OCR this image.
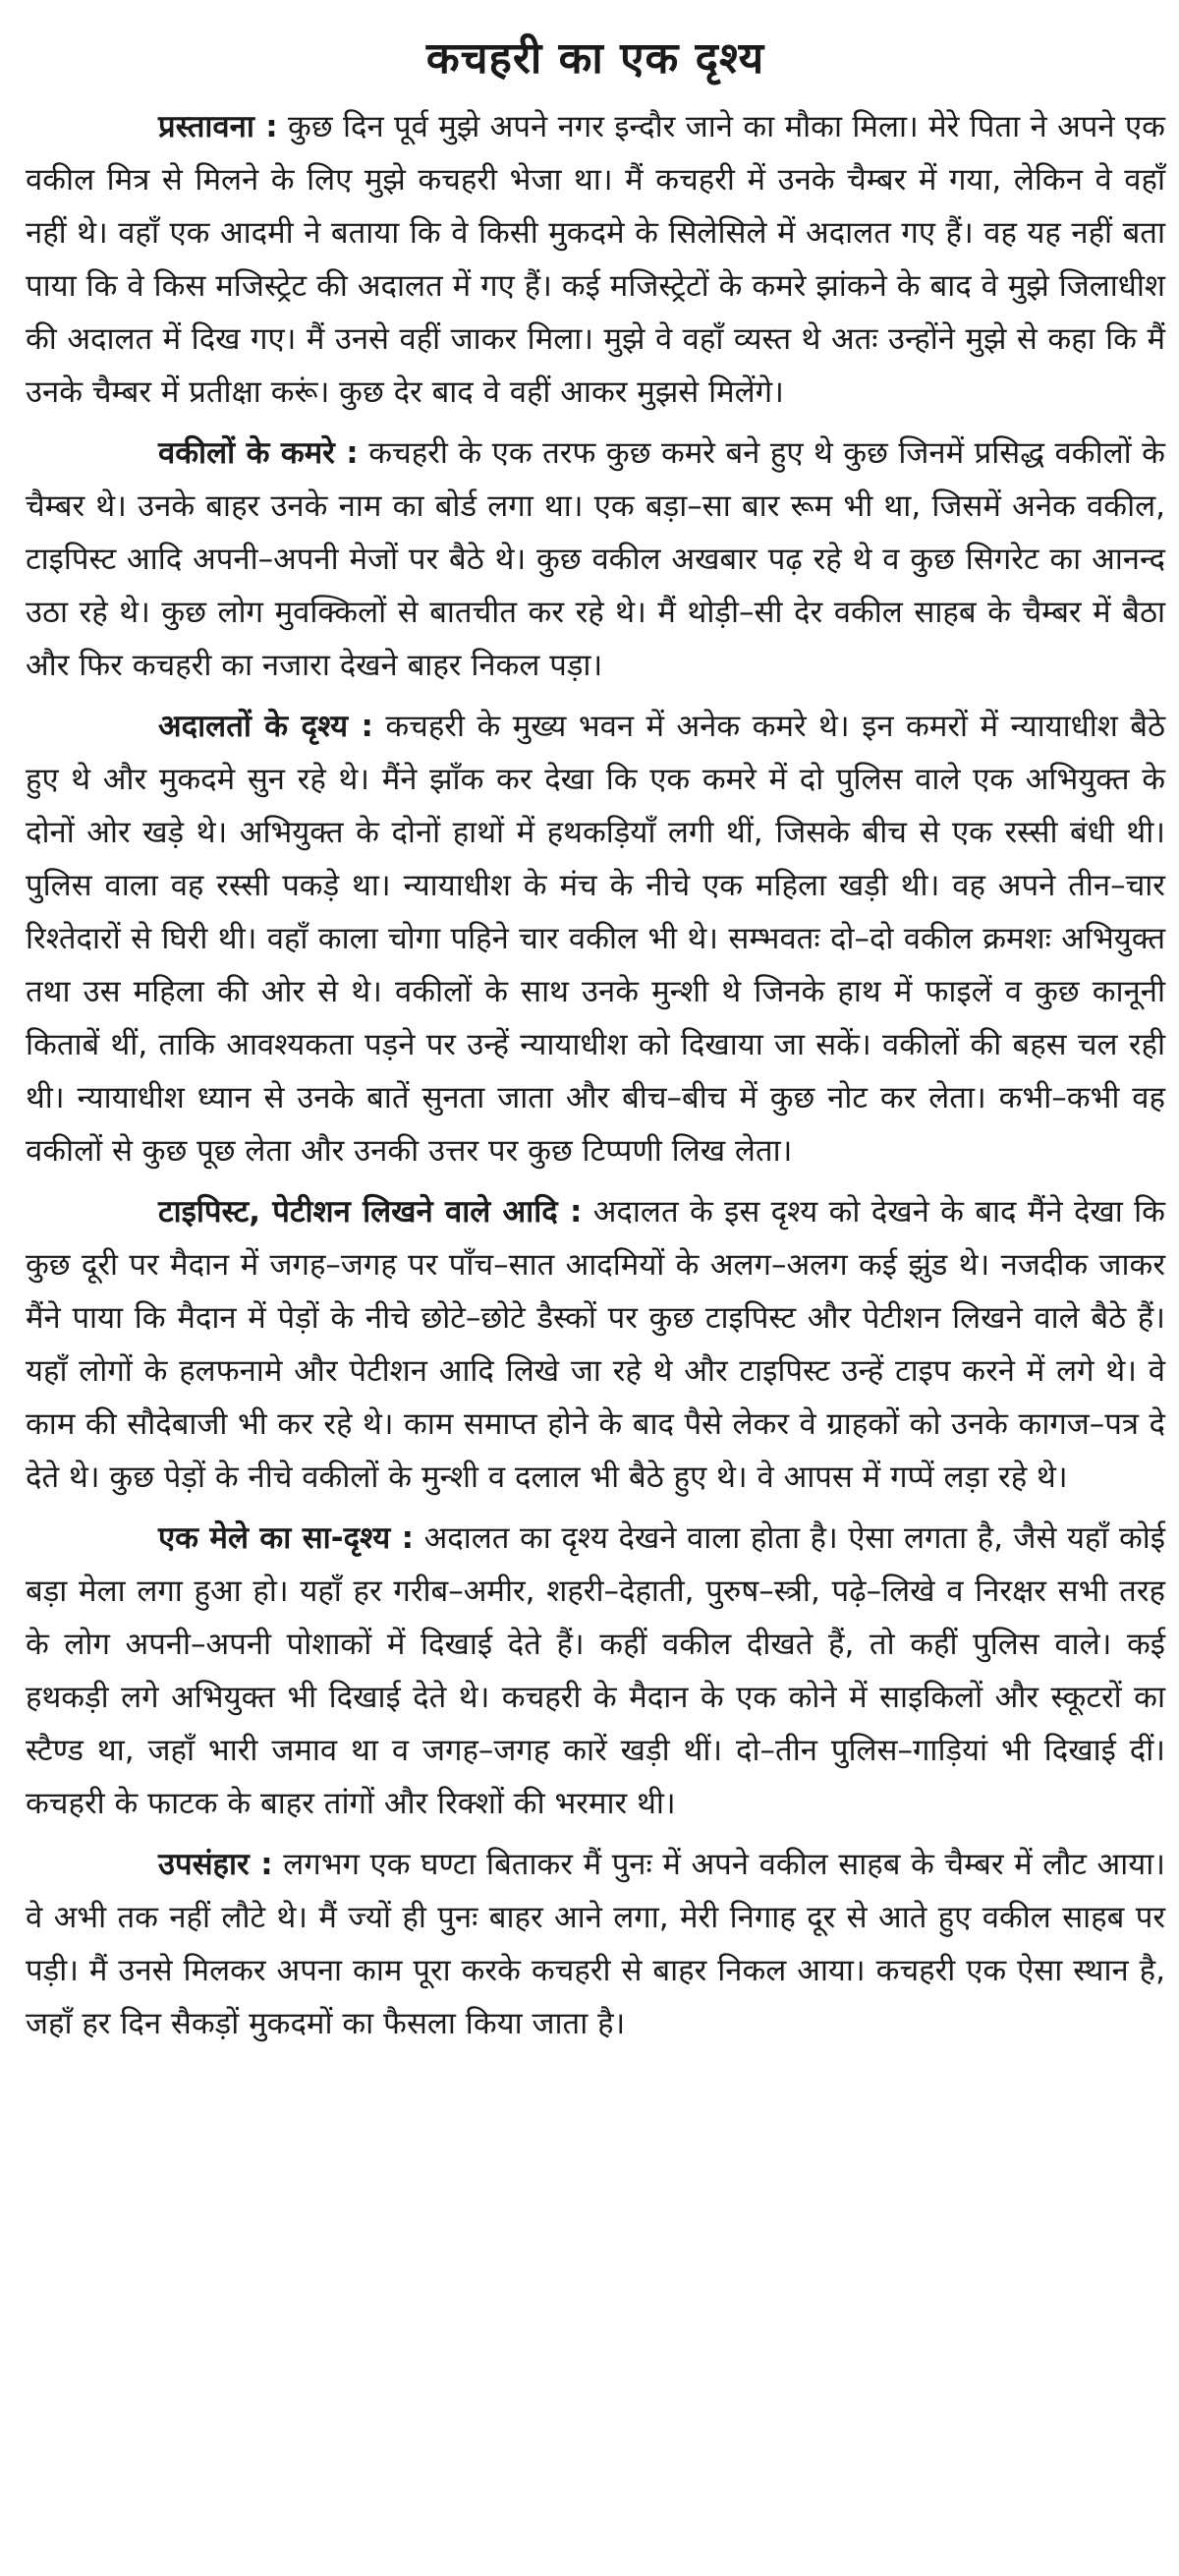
कचहरी का एक दृश्य

प्रस्तावना : कुछ दिन पूर्व मुझे अपने नगर इन्दौर जाने का मौका मिला। मेरे पिता ने अपने एक वकील मित्र से मिलने के लिए मुझे कचहरी भेजा था। मैं कचहरी में उनके चैम्बर में गया, लेकिन वे वहाँ नहीं थे। वहाँ एक आदमी ने बताया कि वे किसी मुकदमे के सिलेसिले में अदालत गए हैं। वह यह नहीं बता पाया कि वे किस मजिस्ट्रेट की अदालत में गए हैं। कई मजिस्ट्रेटों के कमरे झांकने के बाद वे मुझे जिलाधीश की अदालत में दिख गए। मैं उनसे वहीं जाकर मिला। मुझे वे वहाँ व्यस्त थे अतः उन्होंने मुझे से कहा कि मैं उनके चैम्बर में प्रतीक्षा करूं। कुछ देर बाद वे वहीं आकर मुझसे मिलेंगे।

वकीलों के कमरे : कचहरी के एक तरफ कुछ कमरे बने हुए थे कुछ जिनमें प्रसिद्ध वकीलों के चैम्बर थे। उनके बाहर उनके नाम का बोर्ड लगा था। एक बड़ा–सा बार रूम भी था, जिसमें अनेक वकील, टाइपिस्ट आदि अपनी–अपनी मेजों पर बैठे थे। कुछ वकील अखबार पढ़ रहे थे व कुछ सिगरेट का आनन्द उठा रहे थे। कुछ लोग मुवक्किलों से बातचीत कर रहे थे। मैं थोड़ी–सी देर वकील साहब के चैम्बर में बैठा और फिर कचहरी का नजारा देखने बाहर निकल पड़ा।

अदालतों के दृश्य : कचहरी के मुख्य भवन में अनेक कमरे थे। इन कमरों में न्यायाधीश बैठे हुए थे और मुकदमे सुन रहे थे। मैंने झाँक कर देखा कि एक कमरे में दो पुलिस वाले एक अभियुक्त के दोनों ओर खड़े थे। अभियुक्त के दोनों हाथों में हथकड़ियाँ लगी थीं, जिसके बीच से एक रस्सी बंधी थी। पुलिस वाला वह रस्सी पकड़े था। न्यायाधीश के मंच के नीचे एक महिला खड़ी थी। वह अपने तीन–चार रिश्तेदारों से घिरी थी। वहाँ काला चोगा पहिने चार वकील भी थे। सम्भवतः दो–दो वकील क्रमशः अभियुक्त तथा उस महिला की ओर से थे। वकीलों के साथ उनके मुन्शी थे जिनके हाथ में फाइलें व कुछ कानूनी किताबें थीं, ताकि आवश्यकता पड़ने पर उन्हें न्यायाधीश को दिखाया जा सकें। वकीलों की बहस चल रही थी। न्यायाधीश ध्यान से उनके बातें सुनता जाता और बीच–बीच में कुछ नोट कर लेता। कभी–कभी वह वकीलों से कुछ पूछ लेता और उनकी उत्तर पर कुछ टिप्पणी लिख लेता।

टाइपिस्ट, पेटीशन लिखने वाले आदि : अदालत के इस दृश्य को देखने के बाद मैंने देखा कि कुछ दूरी पर मैदान में जगह–जगह पर पाँच–सात आदमियों के अलग–अलग कई झुंड थे। नजदीक जाकर मैंने पाया कि मैदान में पेड़ों के नीचे छोटे–छोटे डैस्कों पर कुछ टाइपिस्ट और पेटीशन लिखने वाले बैठे हैं। यहाँ लोगों के हलफनामे और पेटीशन आदि लिखे जा रहे थे और टाइपिस्ट उन्हें टाइप करने में लगे थे। वे काम की सौदेबाजी भी कर रहे थे। काम समाप्त होने के बाद पैसे लेकर वे ग्राहकों को उनके कागज–पत्र दे देते थे। कुछ पेड़ों के नीचे वकीलों के मुन्शी व दलाल भी बैठे हुए थे। वे आपस में गप्पें लड़ा रहे थे।

एक मेले का सा-दृश्य : अदालत का दृश्य देखने वाला होता है। ऐसा लगता है, जैसे यहाँ कोई बड़ा मेला लगा हुआ हो। यहाँ हर गरीब–अमीर, शहरी–देहाती, पुरुष–स्त्री, पढ़े–लिखे व निरक्षर सभी तरह के लोग अपनी–अपनी पोशाकों में दिखाई देते हैं। कहीं वकील दीखते हैं, तो कहीं पुलिस वाले। कई हथकड़ी लगे अभियुक्त भी दिखाई देते थे। कचहरी के मैदान के एक कोने में साइकिलों और स्कूटरों का स्टैण्ड था, जहाँ भारी जमाव था व जगह–जगह कारें खड़ी थीं। दो–तीन पुलिस–गाड़ियां भी दिखाई दीं। कचहरी के फाटक के बाहर तांगों और रिक्शों की भरमार थी।

उपसंहार : लगभग एक घण्टा बिताकर मैं पुनः में अपने वकील साहब के चैम्बर में लौट आया। वे अभी तक नहीं लौटे थे। मैं ज्यों ही पुनः बाहर आने लगा, मेरी निगाह दूर से आते हुए वकील साहब पर पड़ी। मैं उनसे मिलकर अपना काम पूरा करके कचहरी से बाहर निकल आया। कचहरी एक ऐसा स्थान है, जहाँ हर दिन सैकड़ों मुकदमों का फैसला किया जाता है।
